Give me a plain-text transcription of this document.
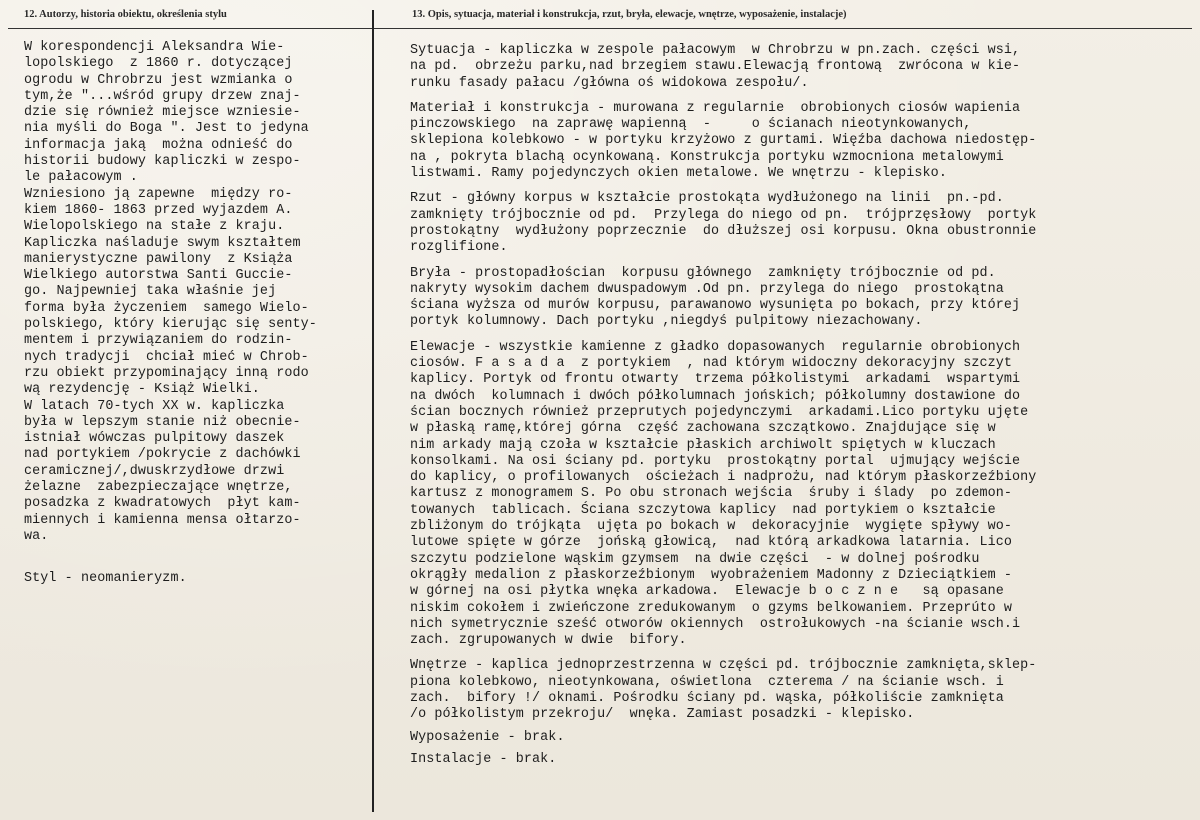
12. Autorzy, historia obiektu, określenia stylu	13. Opis, sytuacja, materiał i konstrukcja, rzut, bryła, elewacje, wnętrze, wyposażenie, instalacje)
W korespondencji Aleksandra Wie-
lopolskiego  z 1860 r. dotyczącej
ogrodu w Chrobrzu jest wzmianka o
tym,że "...wśród grupy drzew znaj-
dzie się również miejsce wzniesie-
nia myśli do Boga ". Jest to jedyna
informacja jaką  można odnieść do
historii budowy kapliczki w zespo-
le pałacowym .
Wzniesiono ją zapewne  między ro-
kiem 1860- 1863 przed wyjazdem A.
Wielopolskiego na stałe z kraju.
Kapliczka naśladuje swym kształtem
manierystyczne pawilony  z Książa
Wielkiego autorstwa Santi Guccie-
go. Najpewniej taka właśnie jej
forma była życzeniem  samego Wielo-
polskiego, który kierując się senty-
mentem i przywiązaniem do rodzin-
nych tradycji  chciał mieć w Chrob-
rzu obiekt przypominający inną rodo
wą rezydencję - Książ Wielki.
W latach 70-tych XX w. kapliczka
była w lepszym stanie niż obecnie-
istniał wówczas pulpitowy daszek
nad portykiem /pokrycie z dachówki
ceramicznej/,dwuskrzydłowe drzwi
żelazne  zabezpieczające wnętrze,
posadzka z kwadratowych  płyt kam-
miennych i kamienna mensa ołtarzo-
wa.
Styl - neomanieryzm.
Sytuacja - kapliczka w zespole pałacowym  w Chrobrzu w pn.zach. części wsi,
na pd.  obrzeżu parku,nad brzegiem stawu.Elewacją frontową  zwrócona w kie-
runku fasady pałacu /główna oś widokowa zespołu/.
Materiał i konstrukcja - murowana z regularnie  obrobionych ciosów wapienia
pinczowskiego  na zaprawę wapienną  -     o ścianach nieotynkowanych,
sklepiona kolebkowo - w portyku krzyżowo z gurtami. Więźba dachowa niedostęp-
na , pokryta blachą ocynkowaną. Konstrukcja portyku wzmocniona metalowymi
listwami. Ramy pojedynczych okien metalowe. We wnętrzu - klepisko.
Rzut - główny korpus w kształcie prostokąta wydłużonego na linii  pn.-pd.
zamknięty trójbocznie od pd.  Przylega do niego od pn.  trójprzęsłowy  portyk
prostokątny  wydłużony poprzecznie  do dłuższej osi korpusu. Okna obustronnie
rozglifione.
Bryła - prostopadłościan  korpusu głównego  zamknięty trójbocznie od pd.
nakryty wysokim dachem dwuspadowym .Od pn. przylega do niego  prostokątna
ściana wyższa od murów korpusu, parawanowo wysunięta po bokach, przy której
portyk kolumnowy. Dach portyku ,niegdyś pulpitowy niezachowany.
Elewacje - wszystkie kamienne z gładko dopasowanych  regularnie obrobionych
ciosów. F a s a d a  z portykiem  , nad którym widoczny dekoracyjny szczyt
kaplicy. Portyk od frontu otwarty  trzema półkolistymi  arkadami  wspartymi
na dwóch  kolumnach i dwóch półkolumnach jońskich; półkolumny dostawione do
ścian bocznych również przeprutych pojedynczymi  arkadami.Lico portyku ujęte
w płaską ramę,której górna  część zachowana szczątkowo. Znajdujące się w
nim arkady mają czoła w kształcie płaskich archiwolt spiętych w kluczach
konsolkami. Na osi ściany pd. portyku  prostokątny portal  ujmujący wejście
do kaplicy, o profilowanych  ościeżach i nadprożu, nad którym płaskorzeźbiony
kartusz z monogramem S. Po obu stronach wejścia  śruby i ślady  po zdemon-
towanych  tablicach. Ściana szczytowa kaplicy  nad portykiem o kształcie
zbliżonym do trójkąta  ujęta po bokach w  dekoracyjnie  wygięte spływy wo-
lutowe spięte w górze  jońską głowicą,  nad którą arkadkowa latarnia. Lico
szczytu podzielone wąskim gzymsem  na dwie części  - w dolnej pośrodku
okrągły medalion z płaskorzeźbionym  wyobrażeniem Madonny z Dzieciątkiem -
w górnej na osi płytka wnęka arkadowa.  Elewacje b o c z n e   są opasane
niskim cokołem i zwieńczone zredukowanym  o gzyms belkowaniem. Przeprúto w
nich symetrycznie sześć otworów okiennych  ostrołukowych -na ścianie wsch.i
zach. zgrupowanych w dwie  bifory.
Wnętrze - kaplica jednoprzestrzenna w części pd. trójbocznie zamknięta,sklep-
piona kolebkowo, nieotynkowana, oświetlona  czterema / na ścianie wsch. i
zach.  bifory !/ oknami. Pośrodku ściany pd. wąska, półkoliście zamknięta
/o półkolistym przekroju/  wnęka. Zamiast posadzki - klepisko.
Wyposażenie - brak.
Instalacje - brak.
